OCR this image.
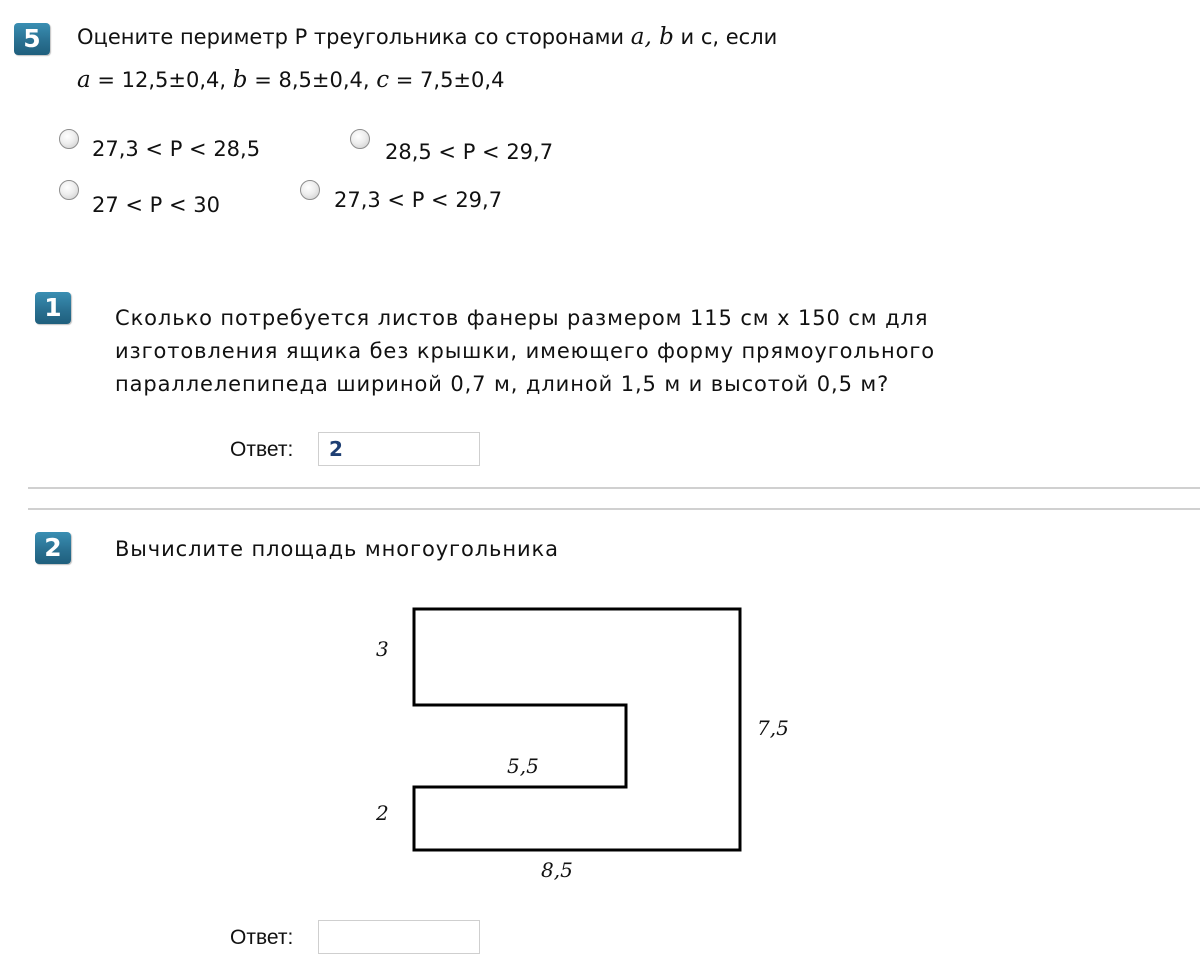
5	Оцените периметр P треугольника со сторонами a, b и c, если
a = 12,5±0,4, b = 8,5±0,4, c = 7,5±0,4
27,3 < P < 28,5	28,5 < P < 29,7
27 < P < 30	27,3 < P < 29,7
1	Сколько потребуется листов фанеры размером 115 см x 150 см для
изготовления ящика без крышки, имеющего форму прямоугольного
параллелепипеда шириной 0,7 м, длиной 1,5 м и высотой 0,5 м?
Ответ:	2
2	Вычислите площадь многоугольника
3
2
5,5
7,5
8,5
Ответ:
